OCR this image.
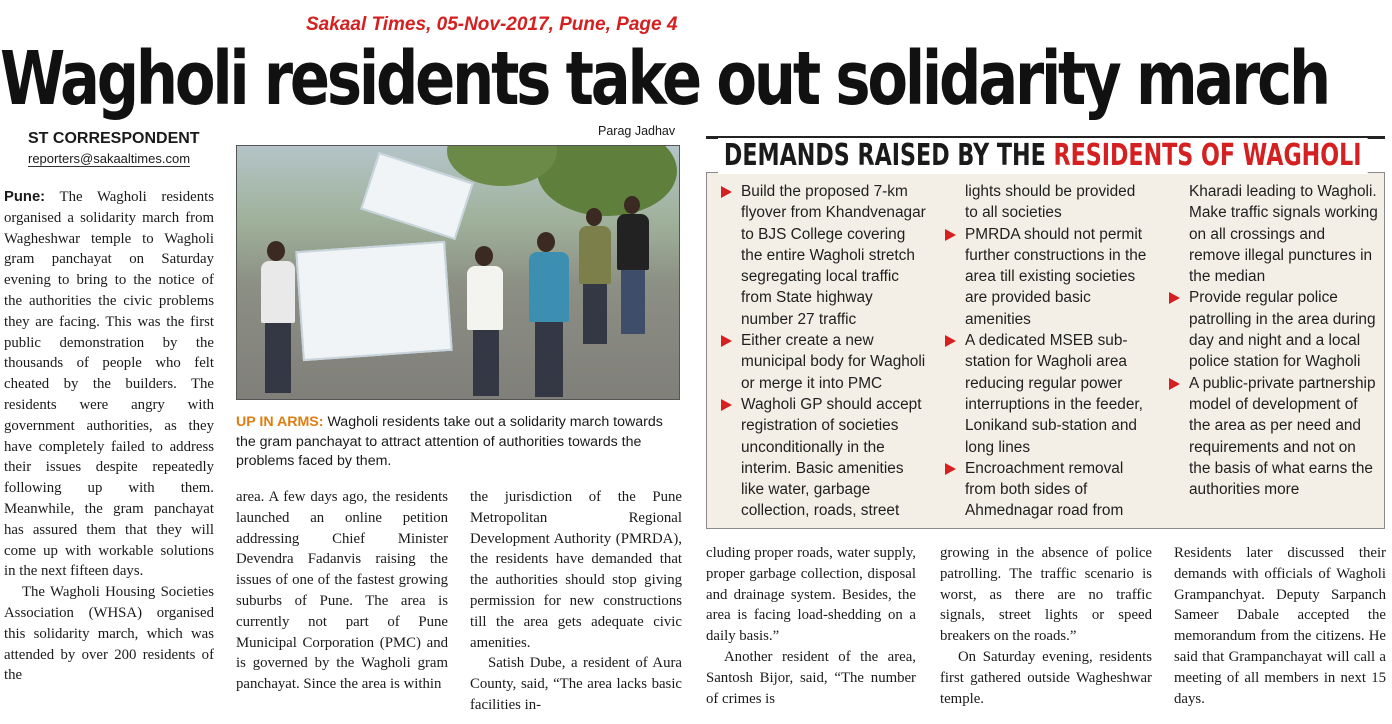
Sakaal Times, 05-Nov-2017, Pune, Page 4
Wagholi residents take out solidarity march
ST CORRESPONDENT
reporters@sakaaltimes.com

Pune: The Wagholi residents organised a solidarity march from Wagheshwar temple to Wagholi gram panchayat on Saturday evening to bring to the notice of the authorities the civic problems they are facing. This was the first public demonstration by the thousands of people who felt cheated by the builders. The residents were angry with government authorities, as they have completely failed to address their issues despite repeatedly following up with them. Meanwhile, the gram panchayat has assured them that they will come up with workable solutions in the next fifteen days.

The Wagholi Housing Societies Association (WHSA) organised this solidarity march, which was attended by over 200 residents of the

Parag Jadhav
UP IN ARMS: Wagholi residents take out a solidarity march towards the gram panchayat to attract attention of authorities towards the problems faced by them.

area. A few days ago, the residents launched an online petition addressing Chief Minister Devendra Fadanvis raising the issues of one of the fastest growing suburbs of Pune. The area is currently not part of Pune Municipal Corporation (PMC) and is governed by the Wagholi gram panchayat. Since the area is within

the jurisdiction of the Pune Metropolitan Regional Development Authority (PMRDA), the residents have demanded that the authorities should stop giving permission for new constructions till the area gets adequate civic amenities.

Satish Dube, a resident of Aura County, said, “The area lacks basic facilities in-

Build the proposed 7-km flyover from Khandvenagar to BJS College covering the entire Wagholi stretch segregating local traffic from State highway number 27 traffic
Either create a new municipal body for Wagholi or merge it into PMC
Wagholi GP should accept registration of societies unconditionally in the interim. Basic amenities like water, garbage collection, roads, street
lights should be provided to all societies
PMRDA should not permit further constructions in the area till existing societies are provided basic amenities
A dedicated MSEB sub-station for Wagholi area reducing regular power interruptions in the feeder, Lonikand sub-station and long lines
Encroachment removal from both sides of Ahmednagar road from
Kharadi leading to Wagholi. Make traffic signals working on all crossings and remove illegal punctures in the median
Provide regular police patrolling in the area during day and night and a local police station for Wagholi
A public-private partnership model of development of the area as per need and requirements and not on the basis of what earns the authorities more
DEMANDS RAISED BY THE RESIDENTS OF WAGHOLI

cluding proper roads, water supply, proper garbage collection, disposal and drainage system. Besides, the area is facing load-shedding on a daily basis.”

Another resident of the area, Santosh Bijor, said, “The number of crimes is

growing in the absence of police patrolling. The traffic scenario is worst, as there are no traffic signals, street lights or speed breakers on the roads.”

On Saturday evening, residents first gathered outside Wagheshwar temple.

Residents later discussed their demands with officials of Wagholi Grampanchyat. Deputy Sarpanch Sameer Dabale accepted the memorandum from the citizens. He said that Grampanchayat will call a meeting of all members in next 15 days.
